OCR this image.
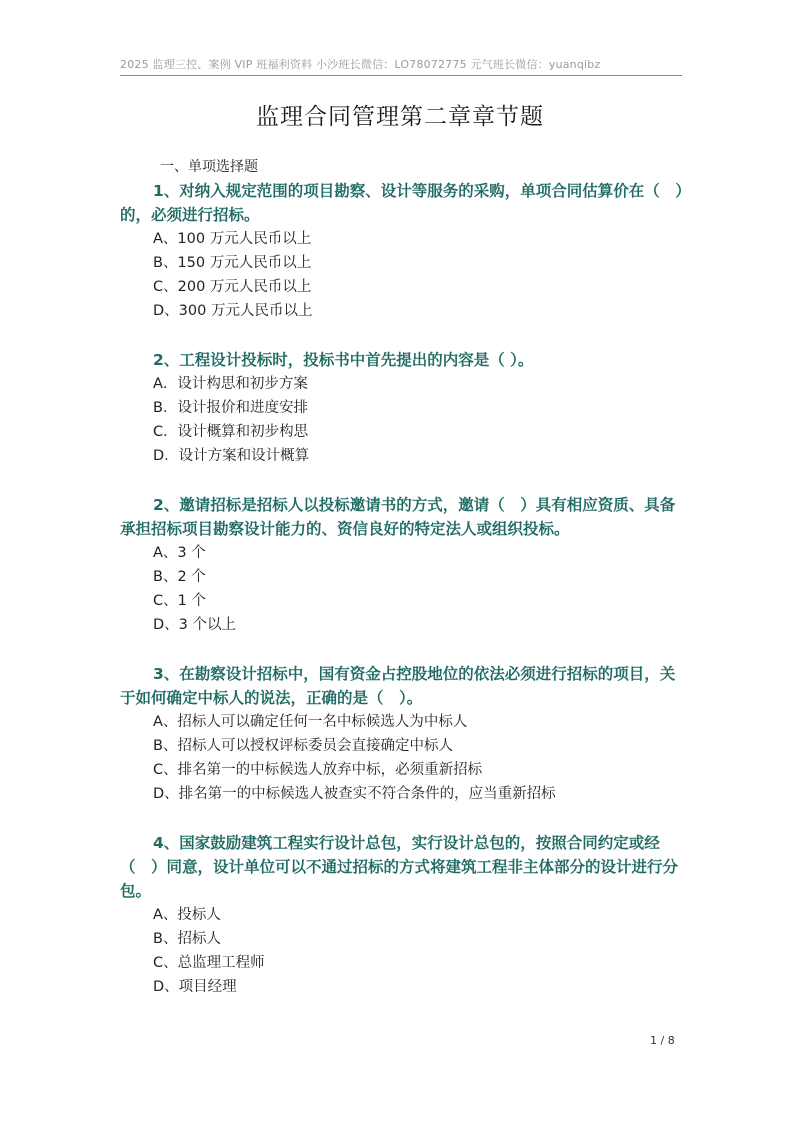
2025 监理三控、案例 VIP 班福利资料 小沙班长微信：LO78072775 元气班长微信：yuanqibz
监理合同管理第二章章节题
一、单项选择题
1、对纳入规定范围的项目勘察、设计等服务的采购，单项合同估算价在（　）的，必须进行招标。
A、100 万元人民币以上
B、150 万元人民币以上
C、200 万元人民币以上
D、300 万元人民币以上
2、工程设计投标时，投标书中首先提出的内容是（ ）。
A．设计构思和初步方案
B．设计报价和进度安排
C．设计概算和初步构思
D．设计方案和设计概算
2、邀请招标是招标人以投标邀请书的方式，邀请（　）具有相应资质、具备承担招标项目勘察设计能力的、资信良好的特定法人或组织投标。
A、3 个
B、2 个
C、1 个
D、3 个以上
3、在勘察设计招标中，国有资金占控股地位的依法必须进行招标的项目，关于如何确定中标人的说法，正确的是（　）。
A、招标人可以确定任何一名中标候选人为中标人
B、招标人可以授权评标委员会直接确定中标人
C、排名第一的中标候选人放弃中标，必须重新招标
D、排名第一的中标候选人被查实不符合条件的，应当重新招标
4、国家鼓励建筑工程实行设计总包，实行设计总包的，按照合同约定或经（　）同意，设计单位可以不通过招标的方式将建筑工程非主体部分的设计进行分包。
A、投标人
B、招标人
C、总监理工程师
D、项目经理
1 / 8
